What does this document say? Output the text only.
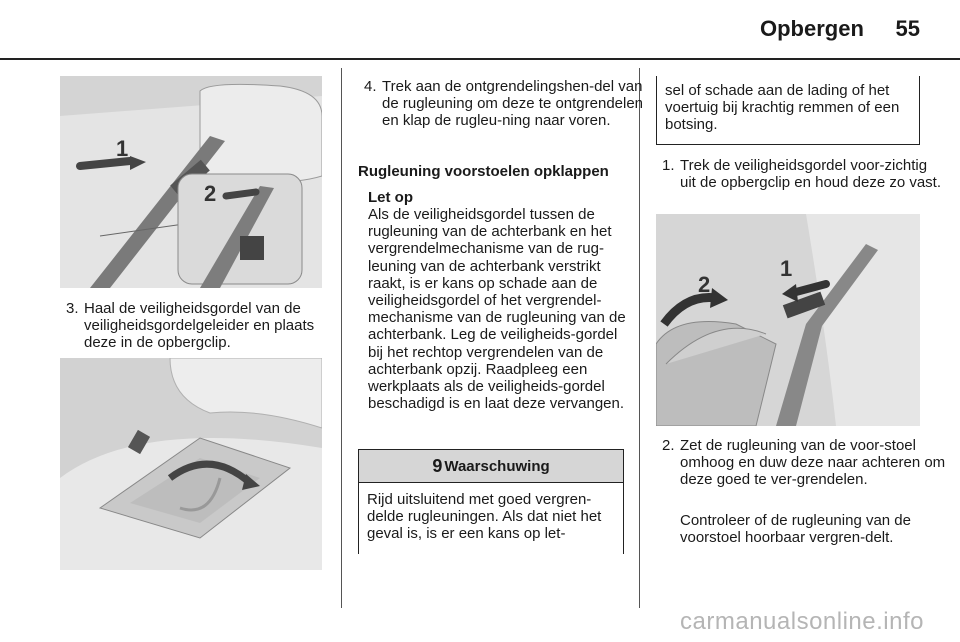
Opbergen 55
1
2
3. Haal de veiligheidsgordel van de veiligheidsgordelgeleider en plaats deze in de opbergclip.
4. Trek aan de ontgrendelingshen-del van de rugleuning om deze te ontgrendelen en klap de rugleu-ning naar voren.
Rugleuning voorstoelen opklappen
Let op
Als de veiligheidsgordel tussen de rugleuning van de achterbank en het vergrendelmechanisme van de rug-leuning van de achterbank verstrikt raakt, is er kans op schade aan de veiligheidsgordel of het vergrendel-mechanisme van de rugleuning van de achterbank. Leg de veiligheids-gordel bij het rechtop vergrendelen van de achterbank opzij. Raadpleeg een werkplaats als de veiligheids-gordel beschadigd is en laat deze vervangen.
9 Waarschuwing
Rijd uitsluitend met goed vergren-delde rugleuningen. Als dat niet het geval is, is er een kans op let-
sel of schade aan de lading of het voertuig bij krachtig remmen of een botsing.
1. Trek de veiligheidsgordel voor-zichtig uit de opbergclip en houd deze zo vast.
2
1
2. Zet de rugleuning van de voor-stoel omhoog en duw deze naar achteren om deze goed te ver-grendelen.
Controleer of de rugleuning van de voorstoel hoorbaar vergren-delt.
carmanualsonline.info
